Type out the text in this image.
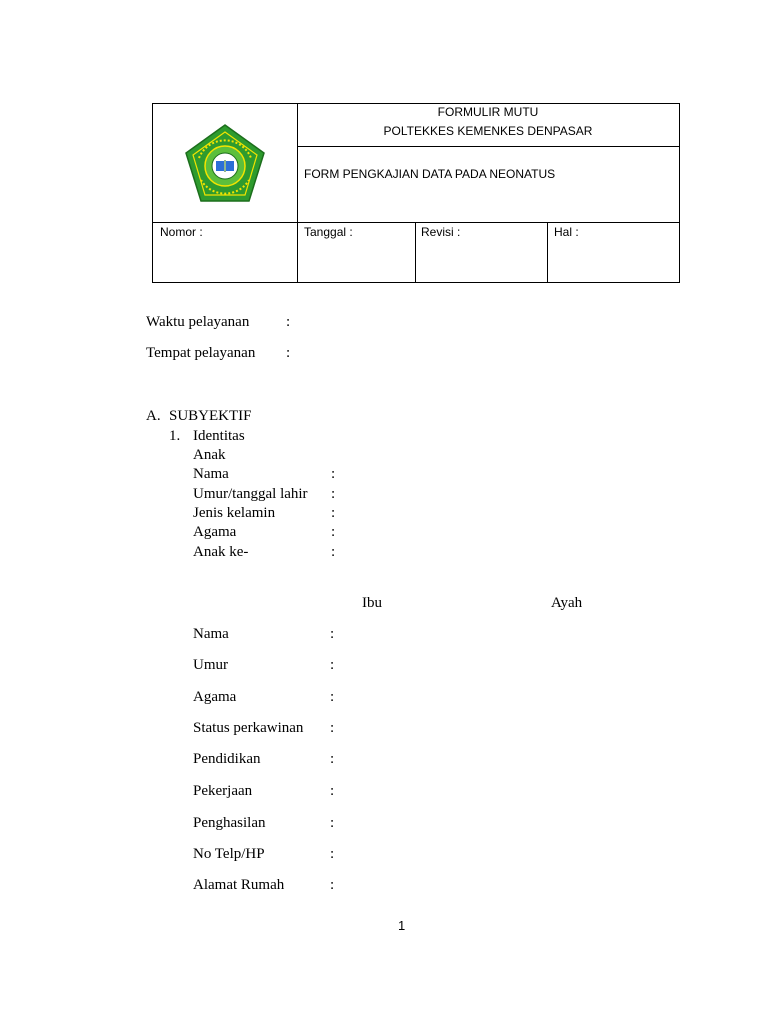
FORMULIR MUTU
POLTEKKES KEMENKES DENPASAR
FORM PENGKAJIAN DATA PADA NEONATUS
Nomor :	Tanggal :	Revisi :	Hal :
Waktu pelayanan :
Tempat pelayanan :
A. SUBYEKTIF
1. Identitas
Anak
Nama	:
Umur/tanggal lahir :
Jenis kelamin	:
Agama	:
Anak ke-	:
Ibu	Ayah
Nama	:
Umur	:
Agama	:
Status perkawinan :
Pendidikan	:
Pekerjaan	:
Penghasilan	:
No Telp/HP	:
Alamat Rumah	:
1
